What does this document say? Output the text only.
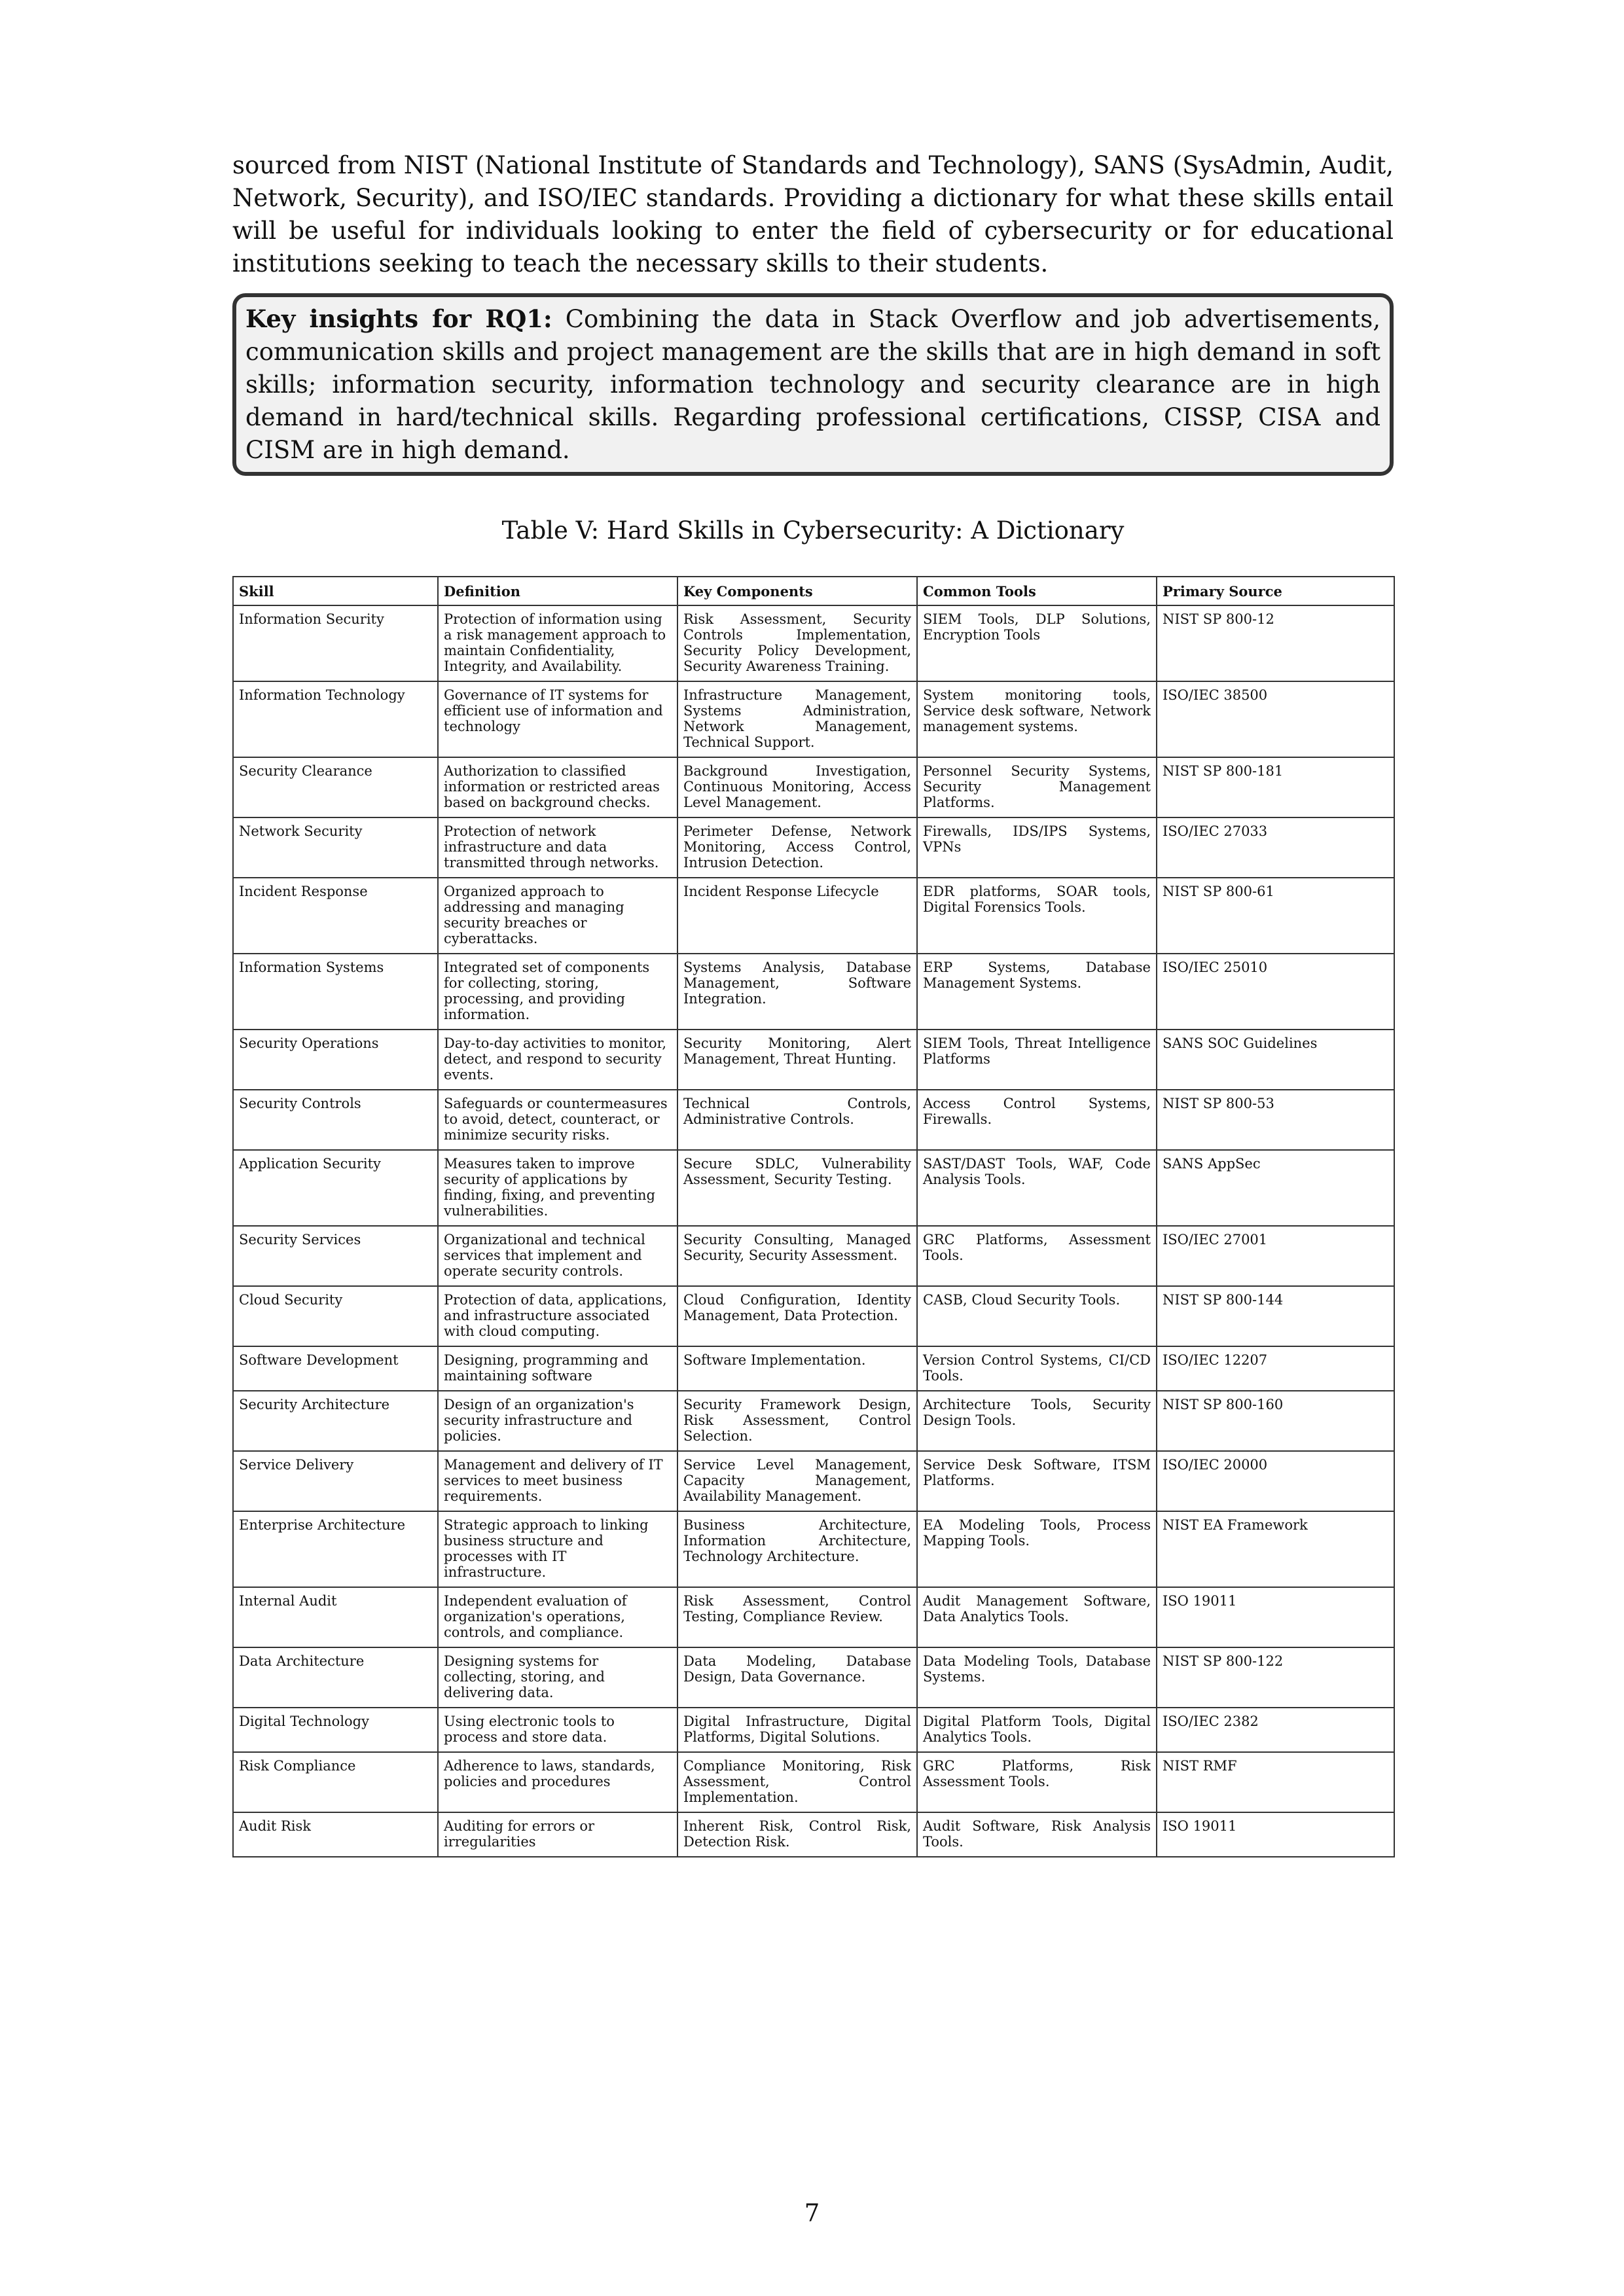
sourced from NIST (National Institute of Standards and Technology), SANS (SysAdmin, Audit, Network, Security), and ISO/IEC standards. Providing a dictionary for what these skills entail will be useful for individuals looking to enter the field of cybersecurity or for educational institutions seeking to teach the necessary skills to their students.

Key insights for RQ1: Combining the data in Stack Overflow and job advertisements, communication skills and project management are the skills that are in high demand in soft skills; information security, information technology and security clearance are in high demand in hard/technical skills. Regarding professional certifications, CISSP, CISA and CISM are in high demand.
Table V: Hard Skills in Cybersecurity: A Dictionary
Skill	Definition	Key Components	Common Tools	Primary Source
Information Security	Protection of information using a risk management approach to maintain Confidentiality, Integrity, and Availability.	Risk Assessment, Security Controls Implementation, Security Policy Development, Security Awareness Training.	SIEM Tools, DLP Solutions, Encryption Tools	NIST SP 800-12
Information Technology	Governance of IT systems for efficient use of information and technology	Infrastructure Management, Systems Administration, Network Management, Technical Support.	System monitoring tools, Service desk software, Network management systems.	ISO/IEC 38500
Security Clearance	Authorization to classified information or restricted areas based on background checks.	Background Investigation, Continuous Monitoring, Access Level Management.	Personnel Security Systems, Security Management Platforms.	NIST SP 800-181
Network Security	Protection of network infrastructure and data transmitted through networks.	Perimeter Defense, Network Monitoring, Access Control, Intrusion Detection.	Firewalls, IDS/IPS Systems, VPNs	ISO/IEC 27033
Incident Response	Organized approach to addressing and managing security breaches or cyberattacks.	Incident Response Lifecycle	EDR platforms, SOAR tools, Digital Forensics Tools.	NIST SP 800-61
Information Systems	Integrated set of components for collecting, storing, processing, and providing information.	Systems Analysis, Database Management, Software Integration.	ERP Systems, Database Management Systems.	ISO/IEC 25010
Security Operations	Day-to-day activities to monitor, detect, and respond to security events.	Security Monitoring, Alert Management, Threat Hunting.	SIEM Tools, Threat Intelligence Platforms	SANS SOC Guidelines
Security Controls	Safeguards or countermeasures to avoid, detect, counteract, or minimize security risks.	Technical Controls, Administrative Controls.	Access Control Systems, Firewalls.	NIST SP 800-53
Application Security	Measures taken to improve security of applications by finding, fixing, and preventing vulnerabilities.	Secure SDLC, Vulnerability Assessment, Security Testing.	SAST/DAST Tools, WAF, Code Analysis Tools.	SANS AppSec
Security Services	Organizational and technical services that implement and operate security controls.	Security Consulting, Managed Security, Security Assessment.	GRC Platforms, Assessment Tools.	ISO/IEC 27001
Cloud Security	Protection of data, applications, and infrastructure associated with cloud computing.	Cloud Configuration, Identity Management, Data Protection.	CASB, Cloud Security Tools.	NIST SP 800-144
Software Development	Designing, programming and maintaining software	Software Implementation.	Version Control Systems, CI/CD Tools.	ISO/IEC 12207
Security Architecture	Design of an organization's security infrastructure and policies.	Security Framework Design, Risk Assessment, Control Selection.	Architecture Tools, Security Design Tools.	NIST SP 800-160
Service Delivery	Management and delivery of IT services to meet business requirements.	Service Level Management, Capacity Management, Availability Management.	Service Desk Software, ITSM Platforms.	ISO/IEC 20000
Enterprise Architecture	Strategic approach to linking business structure and processes with IT infrastructure.	Business Architecture, Information Architecture, Technology Architecture.	EA Modeling Tools, Process Mapping Tools.	NIST EA Framework
Internal Audit	Independent evaluation of organization's operations, controls, and compliance.	Risk Assessment, Control Testing, Compliance Review.	Audit Management Software, Data Analytics Tools.	ISO 19011
Data Architecture	Designing systems for collecting, storing, and delivering data.	Data Modeling, Database Design, Data Governance.	Data Modeling Tools, Database Systems.	NIST SP 800-122
Digital Technology	Using electronic tools to process and store data.	Digital Infrastructure, Digital Platforms, Digital Solutions.	Digital Platform Tools, Digital Analytics Tools.	ISO/IEC 2382
Risk Compliance	Adherence to laws, standards, policies and procedures	Compliance Monitoring, Risk Assessment, Control Implementation.	GRC Platforms, Risk Assessment Tools.	NIST RMF
Audit Risk	Auditing for errors or irregularities	Inherent Risk, Control Risk, Detection Risk.	Audit Software, Risk Analysis Tools.	ISO 19011
7
